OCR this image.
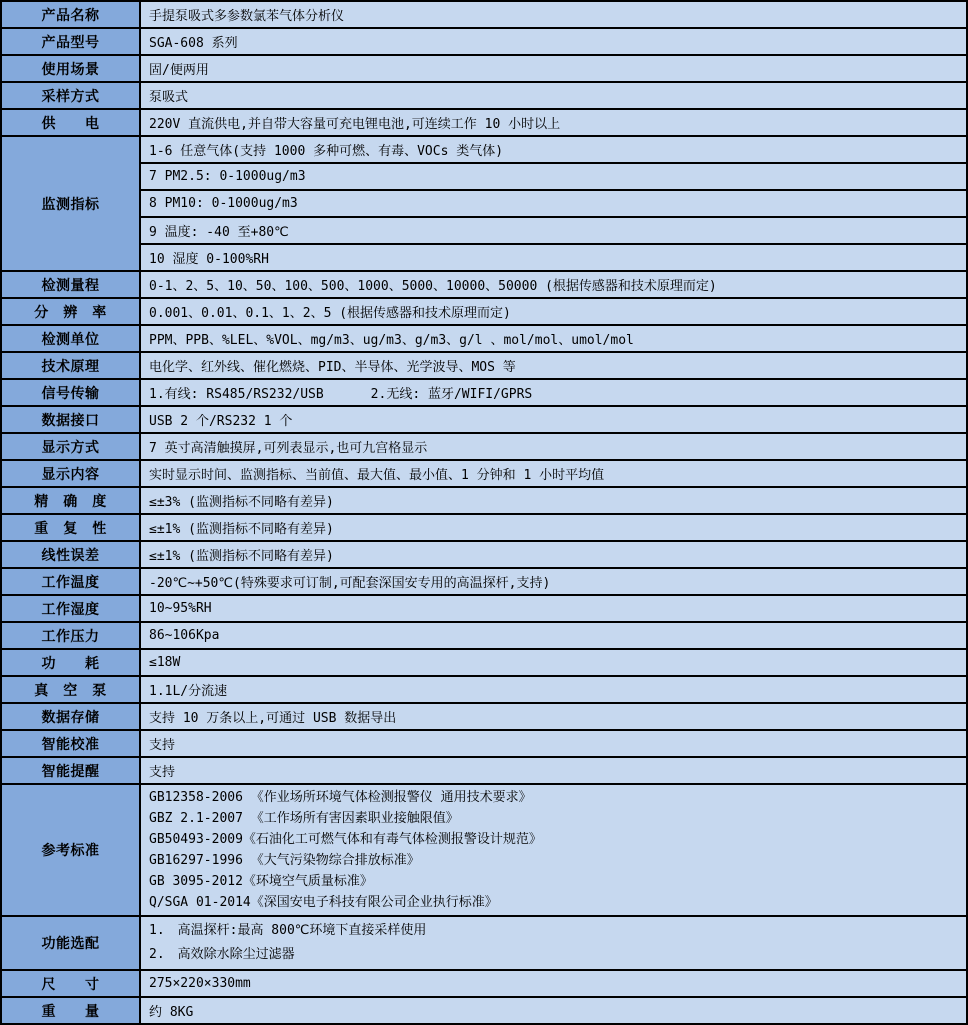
产品名称	手提泵吸式多参数氯苯气体分析仪
产品型号	SGA-608 系列
使用场景	固/便两用
采样方式	泵吸式
供　　电	220V 直流供电,并自带大容量可充电锂电池,可连续工作 10 小时以上
监测指标	1-6 任意气体(支持 1000 多种可燃、有毒、VOCs 类气体)
	7 PM2.5: 0-1000ug/m3
	8 PM10: 0-1000ug/m3
	9 温度: -40 至+80℃
	10 湿度 0-100%RH
检测量程	0-1、2、5、10、50、100、500、1000、5000、10000、50000 (根据传感器和技术原理而定)
分　辨　率	0.001、0.01、0.1、1、2、5 (根据传感器和技术原理而定)
检测单位	PPM、PPB、%LEL、%VOL、mg/m3、ug/m3、g/m3、g/l 、mol/mol、umol/mol
技术原理	电化学、红外线、催化燃烧、PID、半导体、光学波导、MOS 等
信号传输	1.有线: RS485/RS232/USB      2.无线: 蓝牙/WIFI/GPRS
数据接口	USB 2 个/RS232 1 个
显示方式	7 英寸高清触摸屏,可列表显示,也可九宫格显示
显示内容	实时显示时间、监测指标、当前值、最大值、最小值、1 分钟和 1 小时平均值
精　确　度	≤±3% (监测指标不同略有差异)
重　复　性	≤±1% (监测指标不同略有差异)
线性误差	≤±1% (监测指标不同略有差异)
工作温度	-20℃~+50℃(特殊要求可订制,可配套深国安专用的高温探杆,支持)
工作湿度	10~95%RH
工作压力	86~106Kpa
功　　耗	≤18W
真　空　泵	1.1L/分流速
数据存储	支持 10 万条以上,可通过 USB 数据导出
智能校准	支持
智能提醒	支持
参考标准	
GB12358-2006 《作业场所环境气体检测报警仪 通用技术要求》
GBZ 2.1-2007 《工作场所有害因素职业接触限值》
GB50493-2009《石油化工可燃气体和有毒气体检测报警设计规范》
GB16297-1996 《大气污染物综合排放标准》
GB 3095-2012《环境空气质量标准》
Q/SGA 01-2014《深国安电子科技有限公司企业执行标准》

功能选配	1.　高温探杆:最高 800℃环境下直接采样使用
2.　高效除水除尘过滤器

尺　　寸	275×220×330mm
重　　量	约 8KG
